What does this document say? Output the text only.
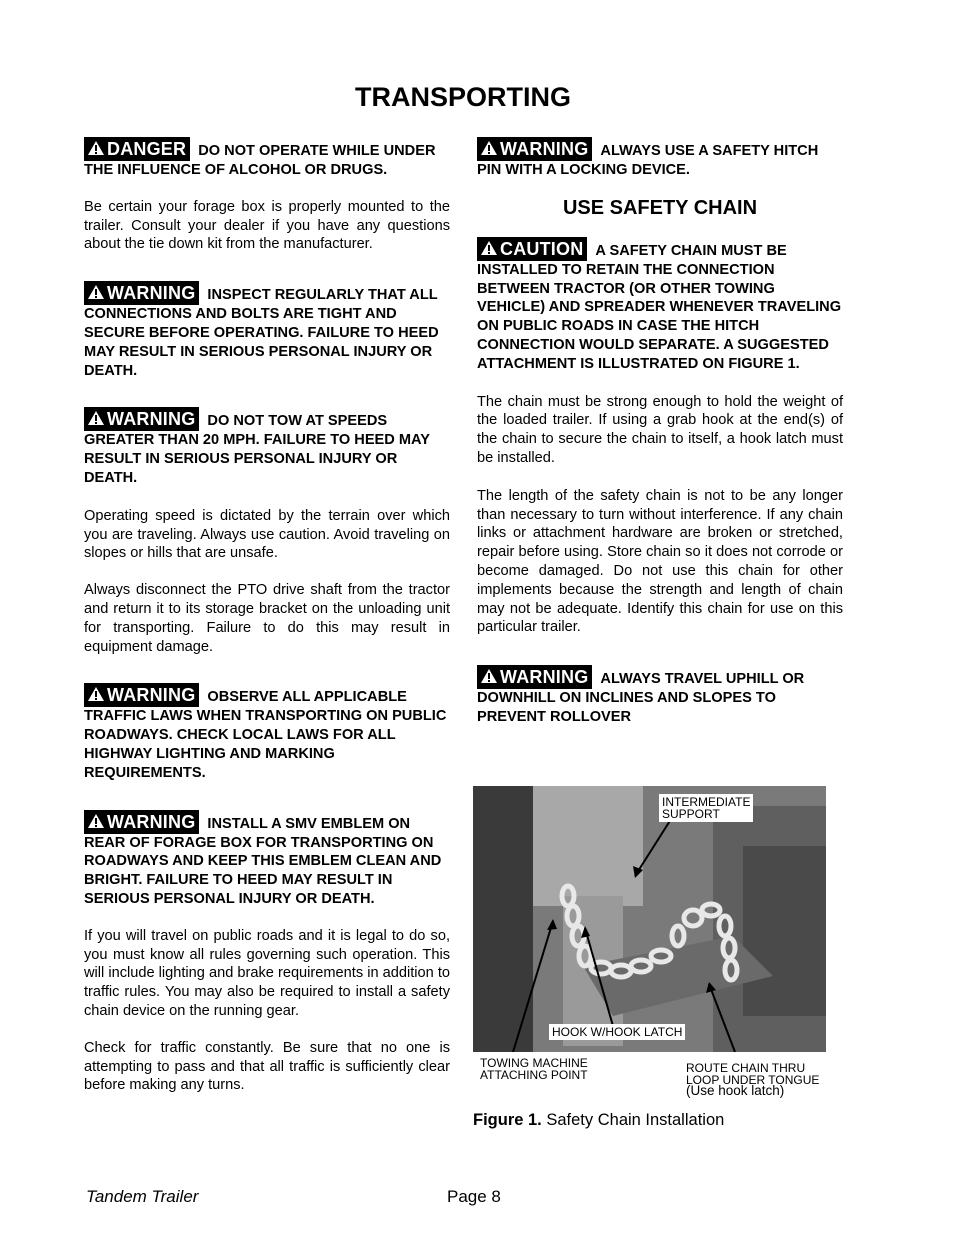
TRANSPORTING

DANGER DO NOT OPERATE WHILE UNDER THE INFLUENCE OF ALCOHOL OR DRUGS.

Be certain your forage box is properly mounted to the trailer. Consult your dealer if you have any questions about the tie down kit from the manufacturer.

WARNING INSPECT REGULARLY THAT ALL CONNECTIONS AND BOLTS ARE TIGHT AND SECURE BEFORE OPERATING. FAILURE TO HEED MAY RESULT IN SERIOUS PERSONAL INJURY OR DEATH.

WARNING DO NOT TOW AT SPEEDS GREATER THAN 20 MPH. FAILURE TO HEED MAY RESULT IN SERIOUS PERSONAL INJURY OR DEATH.

Operating speed is dictated by the terrain over which you are traveling. Always use caution. Avoid traveling on slopes or hills that are unsafe.

Always disconnect the PTO drive shaft from the tractor and return it to its storage bracket on the unloading unit for transporting. Failure to do this may result in equipment damage.

WARNING OBSERVE ALL APPLICABLE TRAFFIC LAWS WHEN TRANSPORTING ON PUBLIC ROADWAYS. CHECK LOCAL LAWS FOR ALL HIGHWAY LIGHTING AND MARKING REQUIREMENTS.

WARNING INSTALL A SMV EMBLEM ON REAR OF FORAGE BOX FOR TRANSPORTING ON ROADWAYS AND KEEP THIS EMBLEM CLEAN AND BRIGHT. FAILURE TO HEED MAY RESULT IN SERIOUS PERSONAL INJURY OR DEATH.

If you will travel on public roads and it is legal to do so, you must know all rules governing such operation. This will include lighting and brake requirements in addition to traffic rules. You may also be required to install a safety chain device on the running gear.

Check for traffic constantly. Be sure that no one is attempting to pass and that all traffic is sufficiently clear before making any turns.

WARNING ALWAYS USE A SAFETY HITCH PIN WITH A LOCKING DEVICE.

USE SAFETY CHAIN

CAUTION A SAFETY CHAIN MUST BE INSTALLED TO RETAIN THE CONNECTION BETWEEN TRACTOR (OR OTHER TOWING VEHICLE) AND SPREADER WHENEVER TRAVELING ON PUBLIC ROADS IN CASE THE HITCH CONNECTION WOULD SEPARATE. A SUGGESTED ATTACHMENT IS ILLUSTRATED ON FIGURE 1.

The chain must be strong enough to hold the weight of the loaded trailer. If using a grab hook at the end(s) of the chain to secure the chain to itself, a hook latch must be installed.

The length of the safety chain is not to be any longer than necessary to turn without interference. If any chain links or attachment hardware are broken or stretched, repair before using. Store chain so it does not corrode or become damaged. Do not use this chain for other implements because the strength and length of chain may not be adequate. Identify this chain for use on this particular trailer.

WARNING ALWAYS TRAVEL UPHILL OR DOWNHILL ON INCLINES AND SLOPES TO PREVENT ROLLOVER

INTERMEDIATE
SUPPORT
HOOK W/HOOK LATCH
TOWING MACHINE
ATTACHING POINT	ROUTE CHAIN THRU
LOOP UNDER TONGUE
(Use hook latch)
Figure 1. Safety Chain Installation
Tandem Trailer	Page 8
